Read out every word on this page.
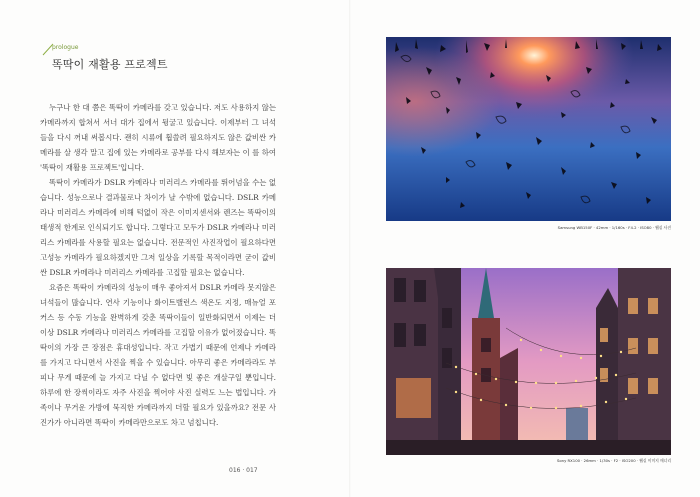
prologue
똑딱이 재활용 프로젝트

누구나 한 대 쯤은 똑딱이 카메라를 갖고 있습니다. 저도 사용하지 않는 카메라까지 합쳐서 서너 대가 집에서 뒹굴고 있습니다. 이제부터 그 녀석들을 다시 꺼내 써봅시다. 괜히 시류에 휩쓸려 필요하지도 않은 값비싼 카메라를 살 생각 말고 집에 있는 카메라로 공부를 다시 해보자는 이 를 하여 '똑딱이 재활용 프로젝트'입니다.

똑딱이 카메라가 DSLR 카메라나 미러리스 카메라를 뛰어넘을 수는 없습니다. 성능으로나 결과물로나 차이가 날 수밖에 없습니다. DSLR 카메라나 미러리스 카메라에 비해 턱없이 작은 이미지센서와 렌즈는 똑딱이의 태생적 한계로 인식되기도 합니다. 그렇다고 모두가 DSLR 카메라나 미러리스 카메라를 사용할 필요는 없습니다. 전문적인 사진작업이 필요하다면 고성능 카메라가 필요하겠지만 그저 일상을 기록할 목적이라면 굳이 값비싼 DSLR 카메라나 미러리스 카메라를 고집할 필요는 없습니다.

요즘은 똑딱이 카메라의 성능이 매우 좋아져서 DSLR 카메라 못지않은 녀석들이 많습니다. 연사 기능이나 화이트밸런스 색온도 지정, 매뉴얼 포커스 등 수동 기능을 완벽하게 갖춘 똑딱이들이 일반화되면서 이제는 더 이상 DSLR 카메라나 미러리스 카메라를 고집할 이유가 없어졌습니다. 똑딱이의 가장 큰 장점은 휴대성입니다. 작고 가볍기 때문에 언제나 카메라를 가지고 다니면서 사진을 찍을 수 있습니다. 아무리 좋은 카메라라도 부피나 무게 때문에 늘 가지고 다닐 수 없다면 빛 좋은 개살구일 뿐입니다. 하루에 한 장씩이라도 자주 사진을 찍어야 사진 실력도 느는 법입니다. 가족이나 무거운 가방에 묵직한 카메라까지 더할 필요가 있을까요? 전문 사진가가 아니라면 똑딱이 카메라만으로도 차고 넘칩니다.

016 · 017
Samsung WB150F · 42mm · 1/160s · F4.2 · ISO80 · 웹실 사진
Sony RX100 · 26mm · 1/30s · F2 · ISO200 · 웹실 이미지 매너리
